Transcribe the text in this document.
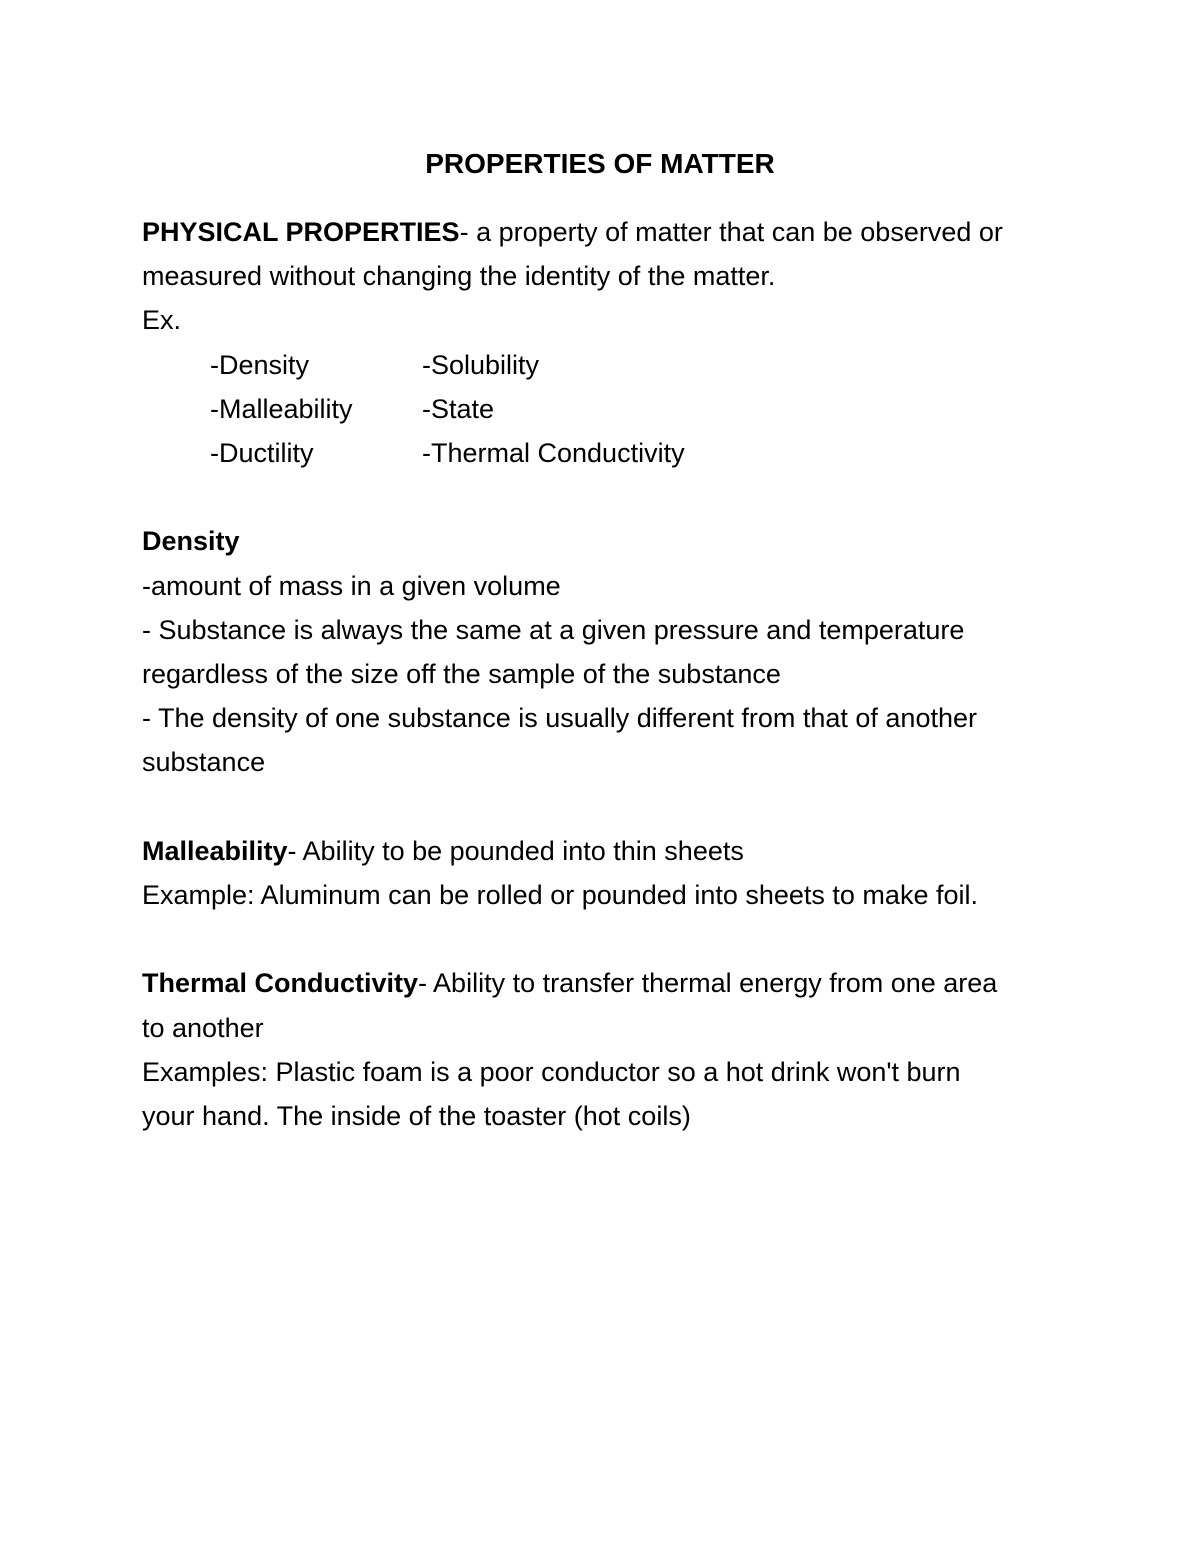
PROPERTIES OF MATTER

PHYSICAL PROPERTIES- a property of matter that can be observed or

measured without changing the identity of the matter.

Ex.

-Density	-Solubility
-Malleability	-State
-Ductility	-Thermal Conductivity

Density

-amount of mass in a given volume

- Substance is always the same at a given pressure and temperature

regardless of the size off the sample of the substance

- The density of one substance is usually different from that of another

substance

Malleability- Ability to be pounded into thin sheets

Example: Aluminum can be rolled or pounded into sheets to make foil.

Thermal Conductivity- Ability to transfer thermal energy from one area

to another

Examples: Plastic foam is a poor conductor so a hot drink won't burn

your hand. The inside of the toaster (hot coils)
